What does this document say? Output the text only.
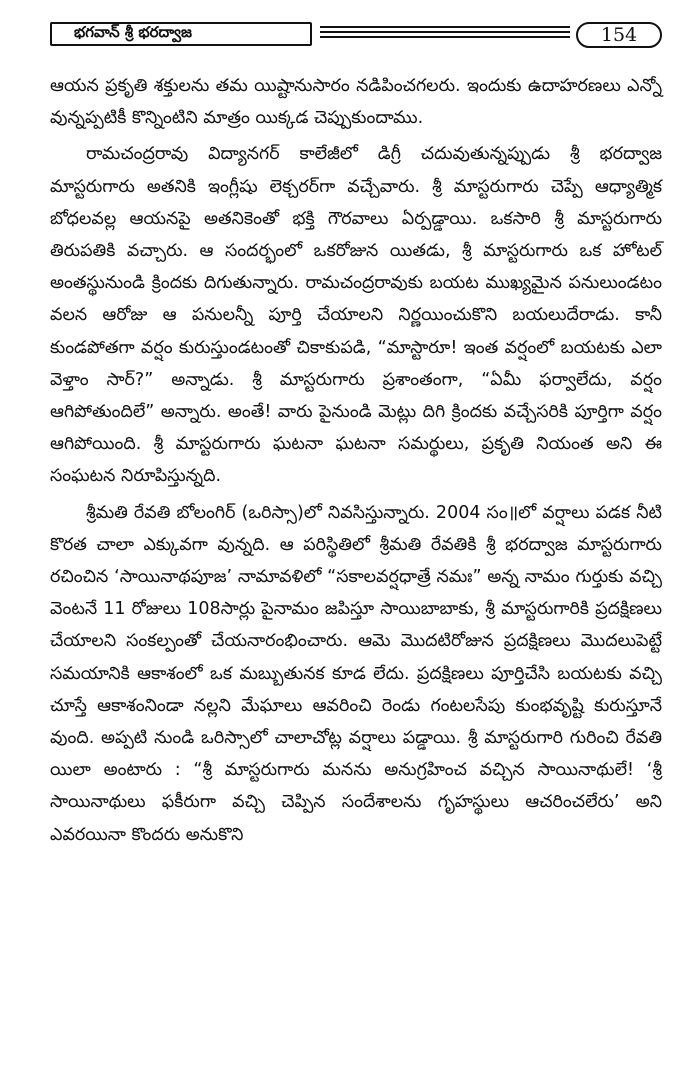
భగవాన్ శ్రీ భరద్వాజ	154

ఆయన ప్రకృతి శక్తులను తమ యిష్టానుసారం నడిపించగలరు. ఇందుకు ఉదాహరణలు ఎన్నో వున్నప్పటికీ కొన్నింటిని మాత్రం యిక్కడ చెప్పుకుందాము.

రామచంద్రరావు విద్యానగర్ కాలేజీలో డిగ్రీ చదువుతున్నప్పుడు శ్రీ భరద్వాజ మాస్టరుగారు అతనికి ఇంగ్లీషు లెక్చరర్‌గా వచ్చేవారు. శ్రీ మాస్టరుగారు చెప్పే ఆధ్యాత్మిక బోధలవల్ల ఆయనపై అతనికెంతో భక్తి గౌరవాలు ఏర్పడ్డాయి. ఒకసారి శ్రీ మాస్టరుగారు తిరుపతికి వచ్చారు. ఆ సందర్భంలో ఒకరోజున యితడు, శ్రీ మాస్టరుగారు ఒక హోటల్ అంతస్థునుండి క్రిందకు దిగుతున్నారు. రామచంద్రరావుకు బయట ముఖ్యమైన పనులుండటం వలన ఆరోజు ఆ పనులన్నీ పూర్తి చేయాలని నిర్ణయించుకొని బయలుదేరాడు. కానీ కుండపోతగా వర్షం కురుస్తుండటంతో చికాకుపడి, “మాస్టారూ! ఇంత వర్షంలో బయటకు ఎలా వెళ్తాం సార్?” అన్నాడు. శ్రీ మాస్టరుగారు ప్రశాంతంగా, “ఏమీ ఫర్వాలేదు, వర్షం ఆగిపోతుందిలే” అన్నారు. అంతే! వారు పైనుండి మెట్లు దిగి క్రిందకు వచ్చేసరికి పూర్తిగా వర్షం ఆగిపోయింది. శ్రీ మాస్టరుగారు ఘటనా ఘటనా సమర్థులు, ప్రకృతి నియంత అని ఈ సంఘటన నిరూపిస్తున్నది.

శ్రీమతి రేవతి బోలంగిర్ (ఒరిస్సా)లో నివసిస్తున్నారు. 2004 సం॥లో వర్షాలు పడక నీటి కొరత చాలా ఎక్కువగా వున్నది. ఆ పరిస్థితిలో శ్రీమతి రేవతికి శ్రీ భరద్వాజ మాస్టరుగారు రచించిన ‘సాయినాథపూజ’ నామావళిలో “సకాలవర్షధాత్రే నమః” అన్న నామం గుర్తుకు వచ్చి వెంటనే 11 రోజులు 108సార్లు పైనామం జపిస్తూ సాయిబాబాకు, శ్రీ మాస్టరుగారికి ప్రదక్షిణలు చేయాలని సంకల్పంతో చేయనారంభించారు. ఆమె మొదటిరోజున ప్రదక్షిణలు మొదలుపెట్టే సమయానికి ఆకాశంలో ఒక మబ్బుతునక కూడ లేదు. ప్రదక్షిణలు పూర్తిచేసి బయటకు వచ్చి చూస్తే ఆకాశంనిండా నల్లని మేఘాలు ఆవరించి రెండు గంటలసేపు కుంభవృష్టి కురుస్తూనే వుంది. అప్పటి నుండి ఒరిస్సాలో చాలాచోట్ల వర్షాలు పడ్డాయి. శ్రీ మాస్టరుగారి గురించి రేవతి యిలా అంటారు : “శ్రీ మాస్టరుగారు మనను అనుగ్రహించ వచ్చిన సాయినాథులే! ‘శ్రీ సాయినాథులు ఫకీరుగా వచ్చి చెప్పిన సందేశాలను గృహస్థులు ఆచరించలేరు’ అని ఎవరయినా కొందరు అనుకొని
